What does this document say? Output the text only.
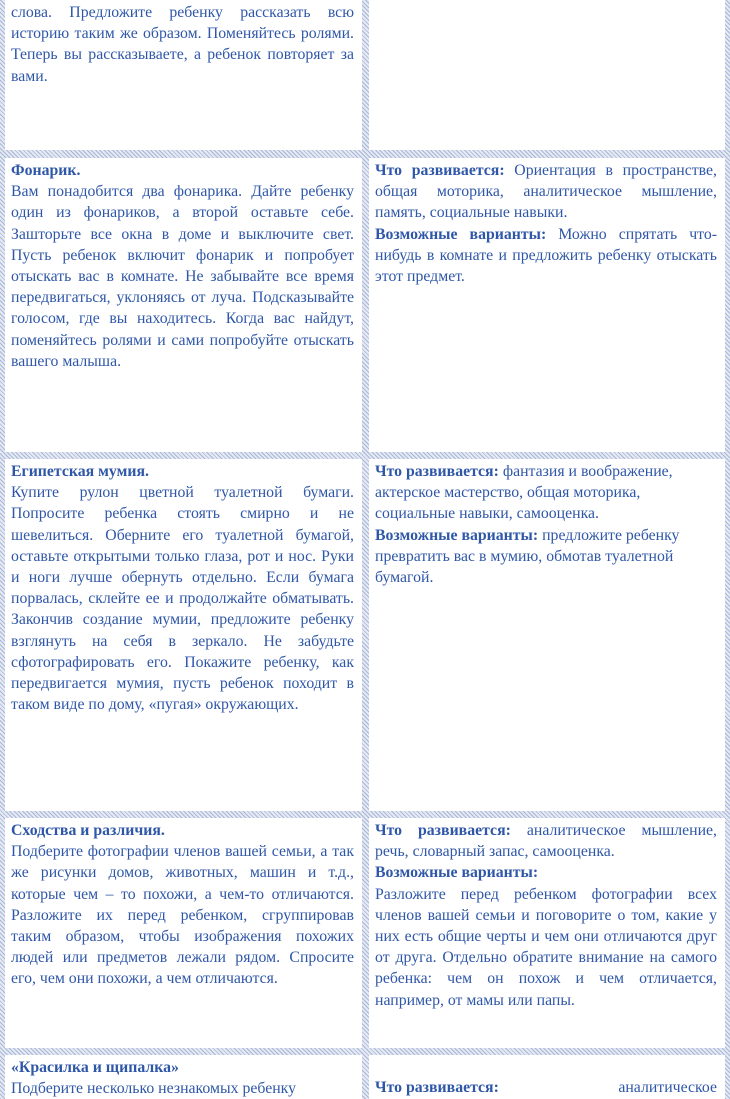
слова. Предложите ребенку рассказать всю историю таким же образом. Поменяйтесь ролями. Теперь вы рассказываете, а ребенок повторяет за вами.

Фонарик.

Вам понадобится два фонарика. Дайте ребенку один из фонариков, а второй оставьте себе. Зашторьте все окна в доме и выключите свет. Пусть ребенок включит фонарик и попробует отыскать вас в комнате. Не забывайте все время передвигаться, уклоняясь от луча. Подсказывайте голосом, где вы находитесь. Когда вас найдут, поменяйтесь ролями и сами попробуйте отыскать вашего малыша.

Что развивается: Ориентация в пространстве, общая моторика, аналитическое мышление, память, социальные навыки.

Возможные варианты: Можно спрятать что-нибудь в комнате и предложить ребенку отыскать этот предмет.

Египетская мумия.

Купите рулон цветной туалетной бумаги. Попросите ребенка стоять смирно и не шевелиться. Оберните его туалетной бумагой, оставьте открытыми только глаза, рот и нос. Руки и ноги лучше обернуть отдельно. Если бумага порвалась, склейте ее и продолжайте обматывать. Закончив создание мумии, предложите ребенку взглянуть на себя в зеркало. Не забудьте сфотографировать его. Покажите ребенку, как передвигается мумия, пусть ребенок походит в таком виде по дому, «пугая» окружающих.

Что развивается: фантазия и воображение, актерское мастерство, общая моторика, социальные навыки, самооценка.

Возможные варианты: предложите ребенку превратить вас в мумию, обмотав туалетной бумагой.

Сходства и различия.

Подберите фотографии членов вашей семьи, а так же рисунки домов, животных, машин и т.д., которые чем – то похожи, а чем-то отличаются. Разложите их перед ребенком, сгруппировав таким образом, чтобы изображения похожих людей или предметов лежали рядом. Спросите его, чем они похожи, а чем отличаются.

Что развивается: аналитическое мышление, речь, словарный запас, самооценка.

Возможные варианты:

Разложите перед ребенком фотографии всех членов вашей семьи и поговорите о том, какие у них есть общие черты и чем они отличаются друг от друга. Отдельно обратите внимание на самого ребенка: чем он похож и чем отличается, например, от мамы или папы.

«Красилка и щипалка»

Подберите несколько незнакомых ребенку	Что развивается:	аналитическое
